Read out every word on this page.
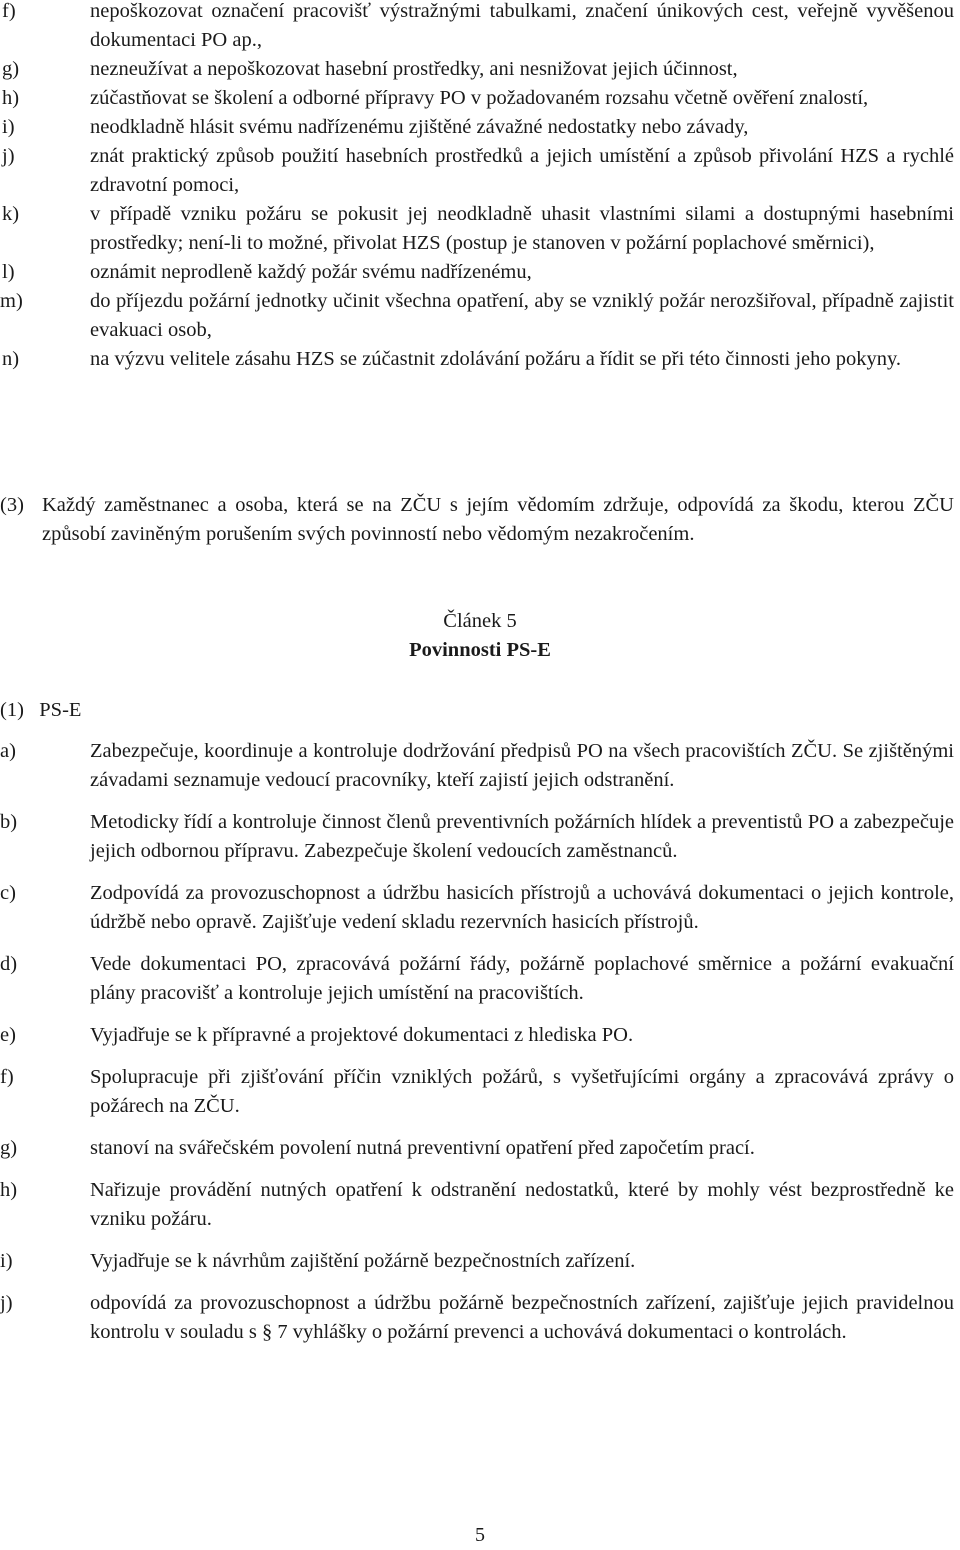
f)	nepoškozovat označení pracovišť výstražnými tabulkami, značení únikových cest, veřejně vyvěšenou dokumentaci PO ap.,
g)	nezneužívat a nepoškozovat hasební prostředky, ani nesnižovat jejich účinnost,
h)	zúčastňovat se školení a odborné přípravy PO v požadovaném rozsahu včetně ověření znalostí,
i)	neodkladně hlásit svému nadřízenému zjištěné závažné nedostatky nebo závady,
j)	znát praktický způsob použití hasebních prostředků a jejich umístění a způsob přivolání HZS a rychlé zdravotní pomoci,
k)	v případě vzniku požáru se pokusit jej neodkladně uhasit vlastními silami a dostupnými hasebními prostředky; není-li to možné, přivolat HZS (postup je stanoven v požární poplachové směrnici),
l)	oznámit neprodleně každý požár svému nadřízenému,
m)	do příjezdu požární jednotky učinit všechna opatření, aby se vzniklý požár nerozšiřoval, případně zajistit evakuaci osob,
n)	na výzvu velitele zásahu HZS se zúčastnit zdolávání požáru a řídit se při této činnosti jeho pokyny.
(3) Každý zaměstnanec a osoba, která se na ZČU s jejím vědomím zdržuje, odpovídá za škodu, kterou ZČU způsobí zaviněným porušením svých povinností nebo vědomým nezakročením.
Článek 5
Povinnosti PS-E
(1)   PS-E
a)	Zabezpečuje, koordinuje a kontroluje dodržování předpisů PO na všech pracovištích ZČU. Se zjištěnými závadami seznamuje vedoucí pracovníky, kteří zajistí jejich odstranění.
b)	Metodicky řídí a kontroluje činnost členů preventivních požárních hlídek a preventistů PO a zabezpečuje jejich odbornou přípravu. Zabezpečuje školení vedoucích zaměstnanců.
c)	Zodpovídá za provozuschopnost a údržbu hasicích přístrojů a uchovává dokumentaci o jejich kontrole, údržbě nebo opravě. Zajišťuje vedení skladu rezervních hasicích přístrojů.
d)	Vede dokumentaci PO, zpracovává požární řády, požárně poplachové směrnice a požární evakuační plány pracovišť a kontroluje jejich umístění na pracovištích.
e)	Vyjadřuje se k přípravné a projektové dokumentaci z hlediska PO.
f)	Spolupracuje při zjišťování příčin vzniklých požárů, s vyšetřujícími orgány a zpracovává zprávy o požárech na ZČU.
g)	stanoví na svářečském povolení nutná preventivní opatření před započetím prací.
h)	Nařizuje provádění nutných opatření k odstranění nedostatků, které by mohly vést bezprostředně ke vzniku požáru.
i)	Vyjadřuje se k návrhům zajištění požárně bezpečnostních zařízení.
j)	odpovídá za provozuschopnost a údržbu požárně bezpečnostních zařízení, zajišťuje jejich pravidelnou kontrolu v souladu s § 7 vyhlášky o požární prevenci a uchovává dokumentaci o kontrolách.
5
